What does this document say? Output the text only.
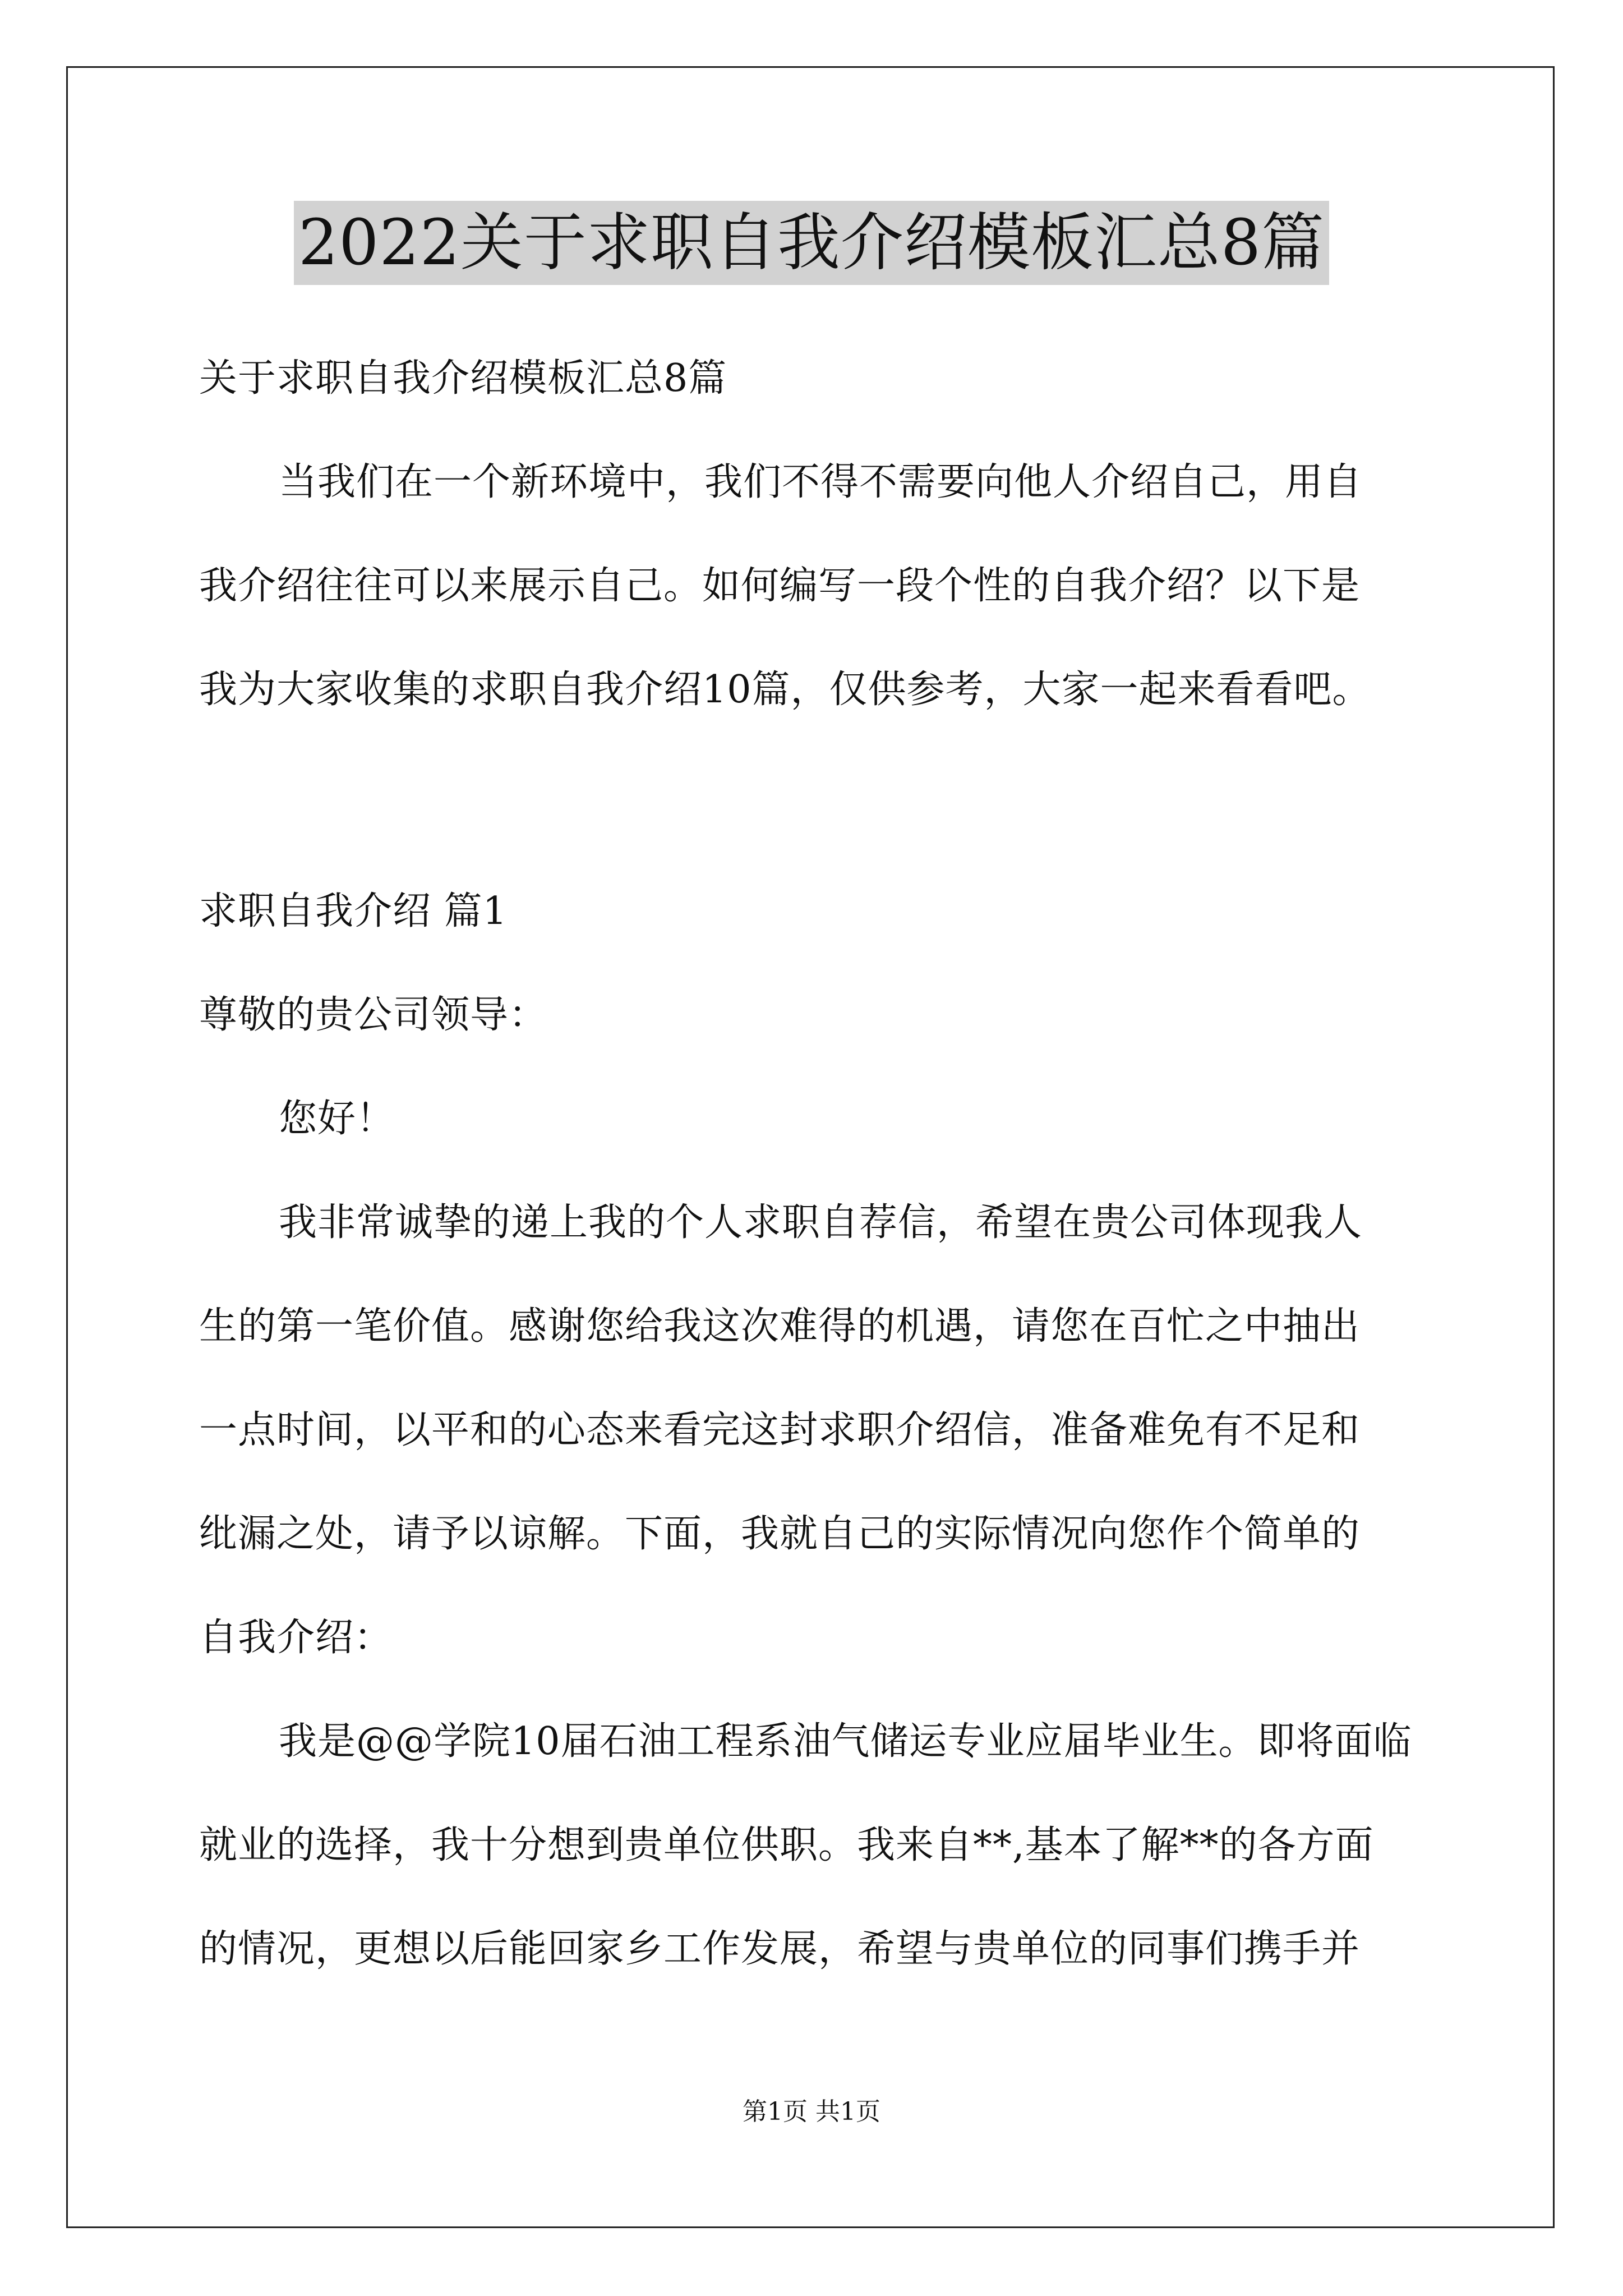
2022关于求职自我介绍模板汇总8篇
关于求职自我介绍模板汇总8篇
当我们在一个新环境中，我们不得不需要向他人介绍自己，用自
我介绍往往可以来展示自己。如何编写一段个性的自我介绍？以下是
我为大家收集的求职自我介绍10篇，仅供参考，大家一起来看看吧。
求职自我介绍 篇1
尊敬的贵公司领导：
您好！
我非常诚挚的递上我的个人求职自荐信，希望在贵公司体现我人
生的第一笔价值。感谢您给我这次难得的机遇，请您在百忙之中抽出
一点时间，以平和的心态来看完这封求职介绍信，准备难免有不足和
纰漏之处，请予以谅解。下面，我就自己的实际情况向您作个简单的
自我介绍：
我是@@学院10届石油工程系油气储运专业应届毕业生。即将面临
就业的选择，我十分想到贵单位供职。我来自**,基本了解**的各方面
的情况，更想以后能回家乡工作发展，希望与贵单位的同事们携手并
第1页 共1页
